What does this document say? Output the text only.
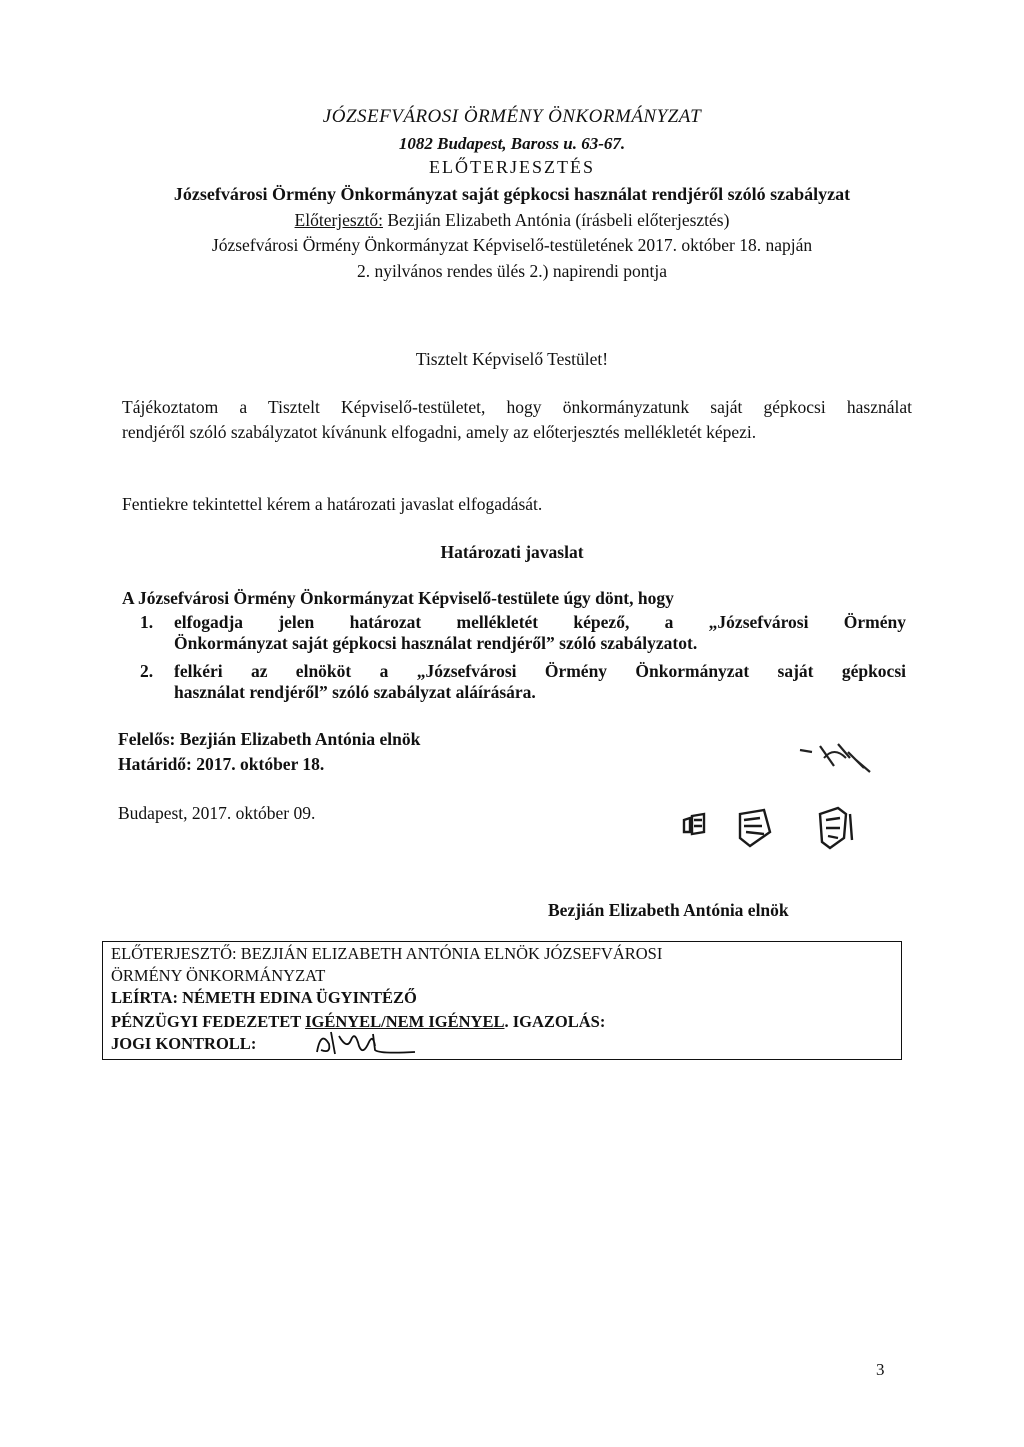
JÓZSEFVÁROSI ÖRMÉNY ÖNKORMÁNYZAT
1082 Budapest, Baross u. 63-67.
ELŐTERJESZTÉS
Józsefvárosi Örmény Önkormányzat saját gépkocsi használat rendjéről szóló szabályzat
Előterjesztő: Bezjián Elizabeth Antónia (írásbeli előterjesztés)
Józsefvárosi Örmény Önkormányzat Képviselő-testületének 2017. október 18. napján
2. nyilvános rendes ülés 2.) napirendi pontja
Tisztelt Képviselő Testület!
Tájékoztatom a Tisztelt Képviselő-testületet, hogy önkormányzatunk saját gépkocsi használat
rendjéről szóló szabályzatot kívánunk elfogadni, amely az előterjesztés mellékletét képezi.
Fentiekre tekintettel kérem a határozati javaslat elfogadását.
Határozati javaslat
A Józsefvárosi Örmény Önkormányzat Képviselő-testülete úgy dönt, hogy
1. elfogadja jelen határozat mellékletét képező, a „Józsefvárosi Örmény
Önkormányzat saját gépkocsi használat rendjéről” szóló szabályzatot.
2. felkéri az elnököt a „Józsefvárosi Örmény Önkormányzat saját gépkocsi
használat rendjéről” szóló szabályzat aláírására.
Felelős: Bezjián Elizabeth Antónia elnök
Határidő: 2017. október 18.
Budapest, 2017. október 09.
Bezjián Elizabeth Antónia elnök
ELŐTERJESZTŐ: BEZJIÁN ELIZABETH ANTÓNIA ELNÖK JÓZSEFVÁROSI
ÖRMÉNY ÖNKORMÁNYZAT
LEÍRTA: NÉMETH EDINA ÜGYINTÉZŐ
PÉNZÜGYI FEDEZETET IGÉNYEL/NEM IGÉNYEL. IGAZOLÁS:
JOGI KONTROLL:
3
